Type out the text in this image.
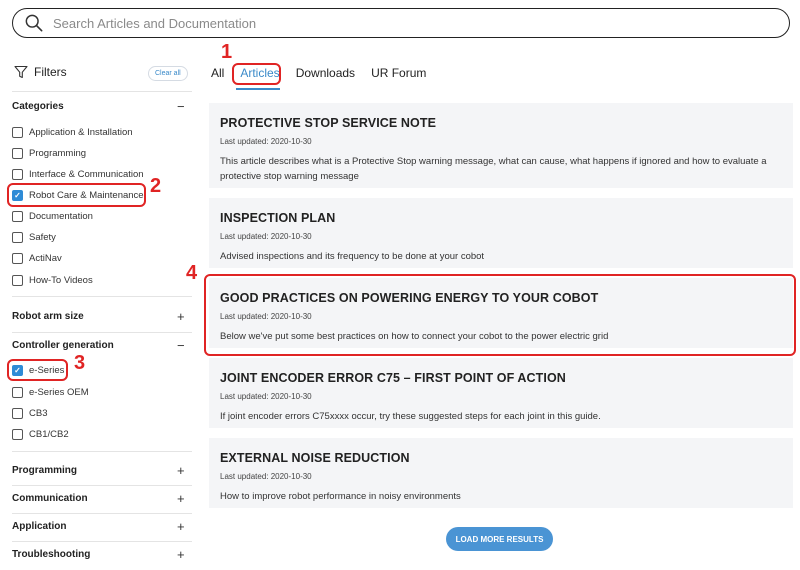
Search Articles and Documentation
Filters	Clear all
Categories	−
Application & Installation
Programming
Interface & Communication
✓ Robot Care & Maintenance
Documentation
Safety
ActiNav
How-To Videos
Robot arm size	+
Controller generation	−
✓ e-Series
e-Series OEM
CB3
CB1/CB2
Programming	+
Communication	+
Application	+
Troubleshooting	+
All Articles Downloads UR Forum
PROTECTIVE STOP SERVICE NOTE
Last updated: 2020-10-30
This article describes what is a Protective Stop warning message, what can cause, what happens if ignored and how to evaluate a protective stop warning message
INSPECTION PLAN
Last updated: 2020-10-30
Advised inspections and its frequency to be done at your cobot
GOOD PRACTICES ON POWERING ENERGY TO YOUR COBOT
Last updated: 2020-10-30
Below we've put some best practices on how to connect your cobot to the power electric grid
JOINT ENCODER ERROR C75 – FIRST POINT OF ACTION
Last updated: 2020-10-30
If joint encoder errors C75xxxx occur, try these suggested steps for each joint in this guide.
EXTERNAL NOISE REDUCTION
Last updated: 2020-10-30
How to improve robot performance in noisy environments
LOAD MORE RESULTS
1
2
3
4
